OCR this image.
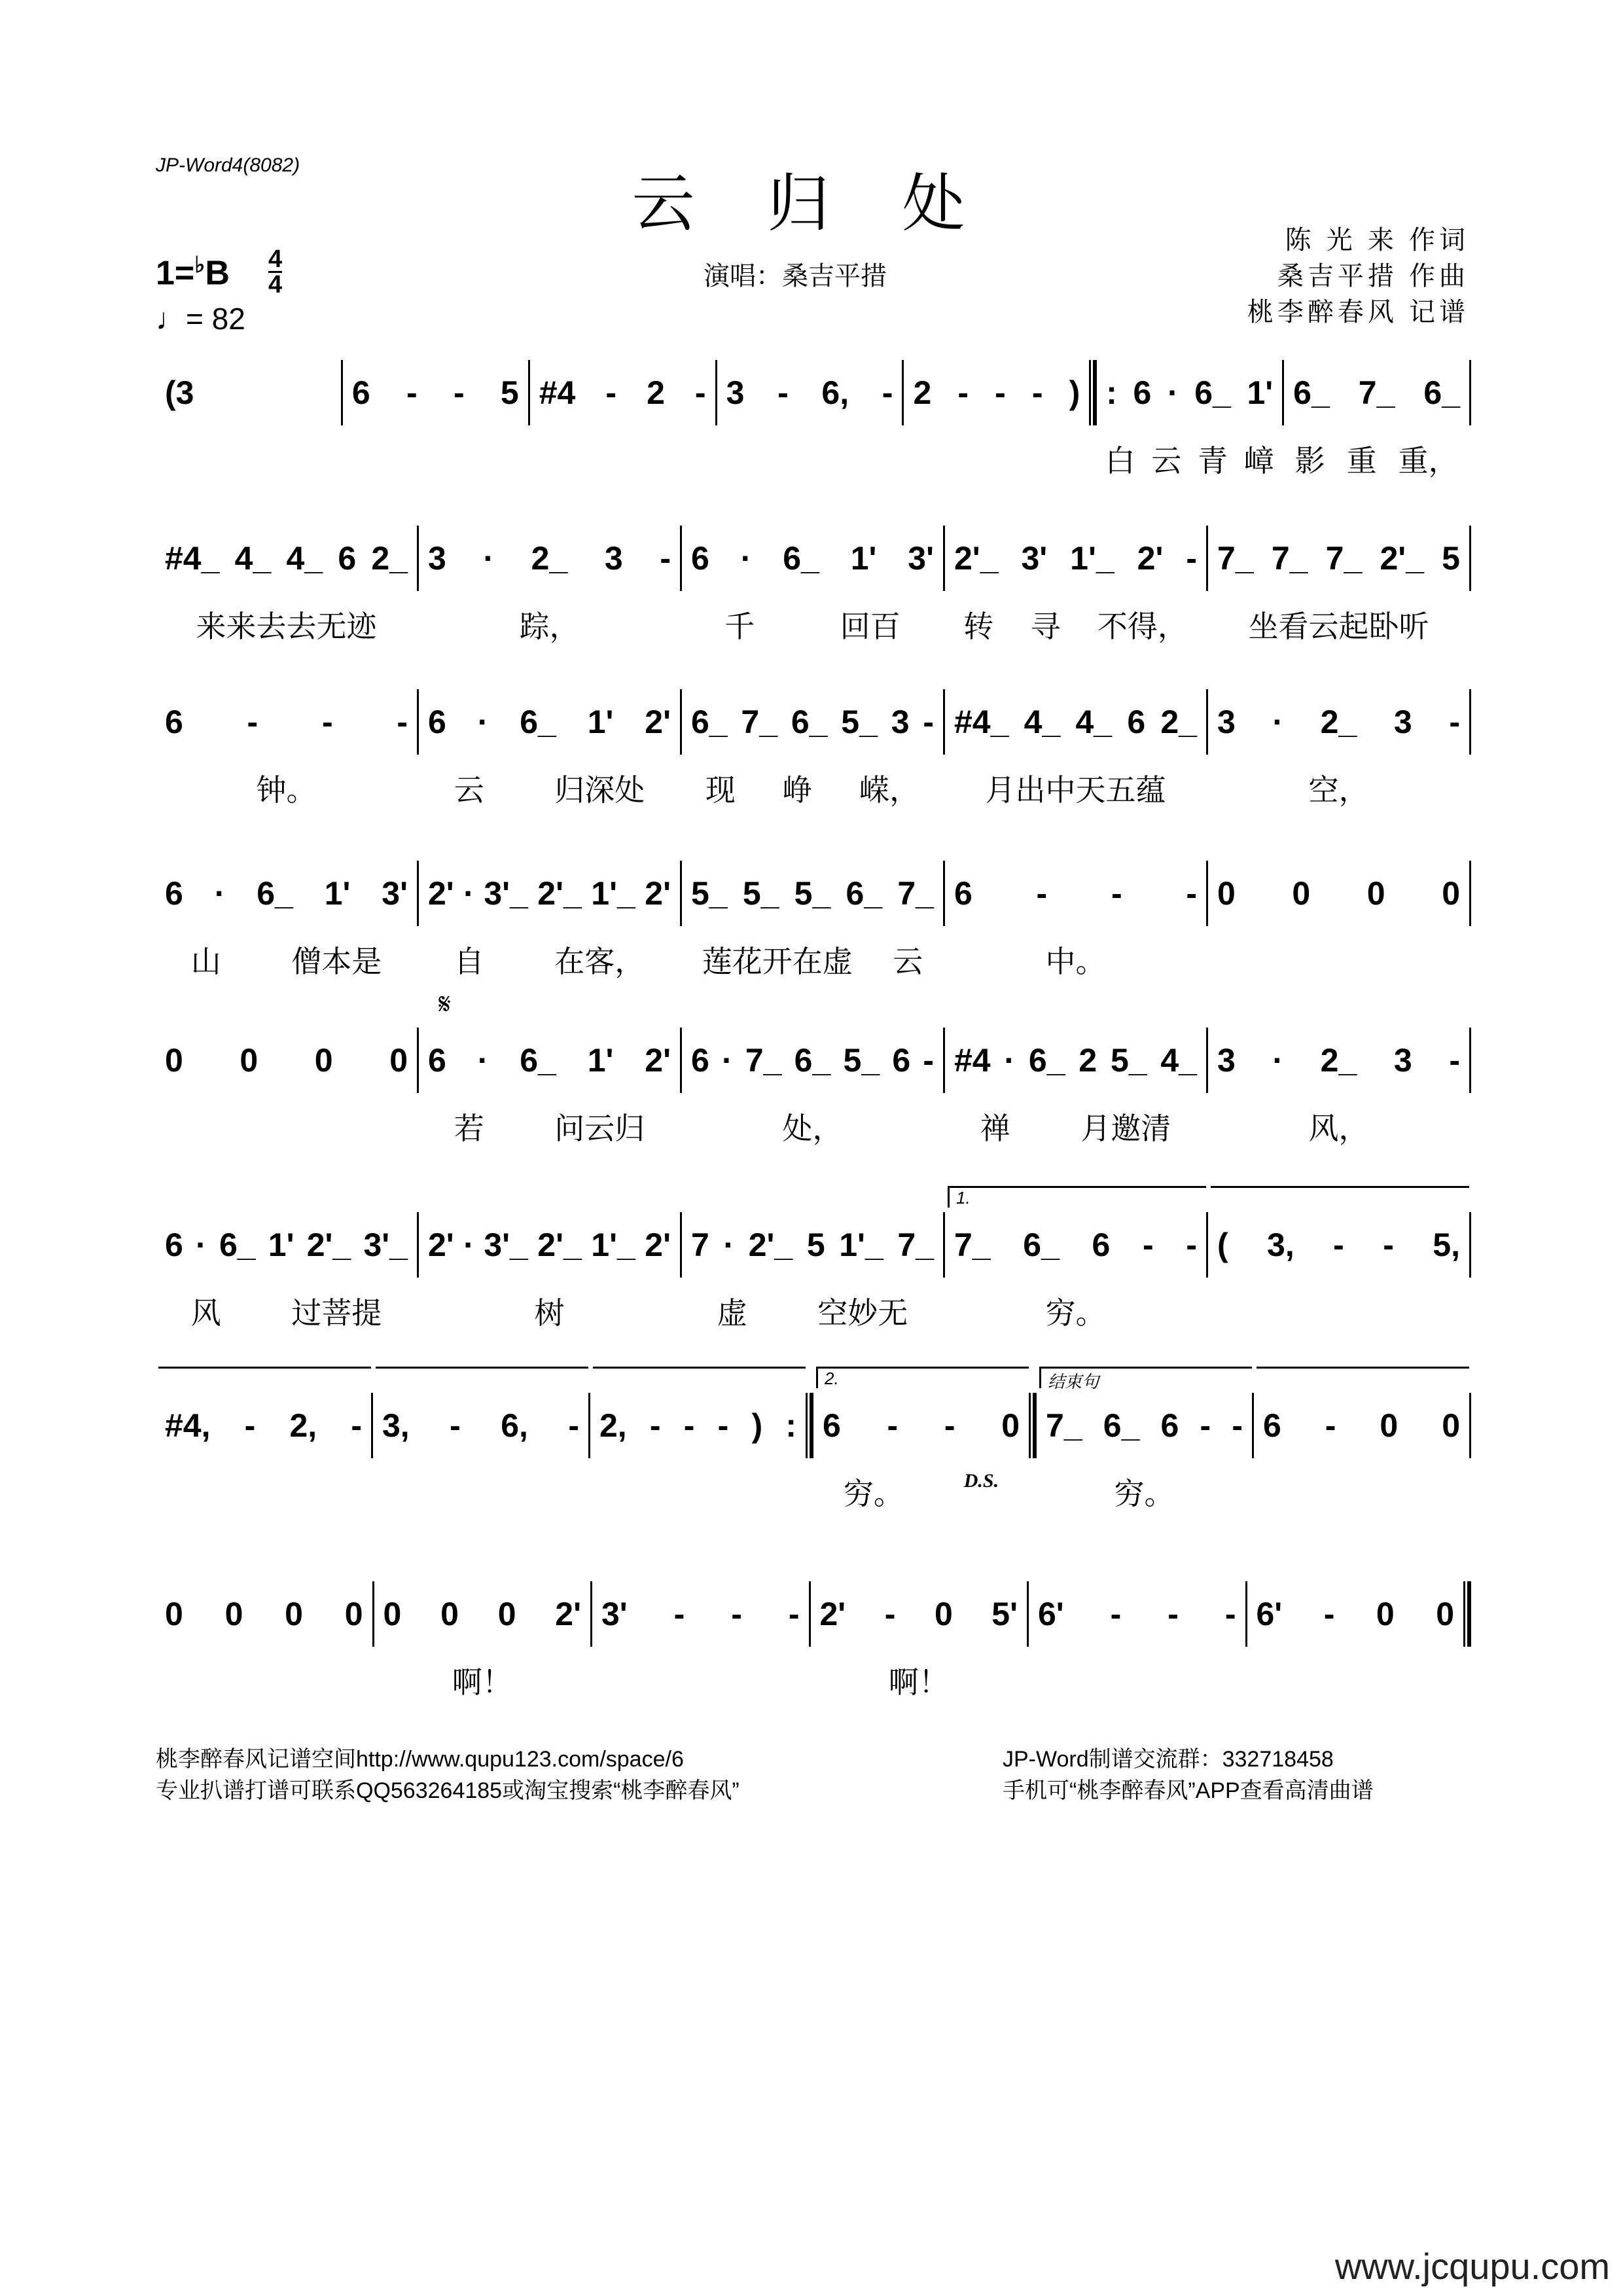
JP-Word4(8082)
云 归 处
演唱：桑吉平措
陈 光 来 作词
桑吉平措 作曲
桃李醉春风 记谱
1=♭B 4
4
♩= 82
(3	6 - - 5 #4 - 2 - 3 - 6, - 2 - - - ) : 6 · 6_ 1'
白 云 青 嶂
6_ 7_ 6_
影 重 重，
#4_ 4_ 4_ 6 2_
来来去去无迹
3 · 2_ 3 -
踪，
6 · 6_ 1' 3'
千	回百
2'_ 3' 1'_ 2' -
转 寻 不得，
7_ 7_ 7_ 2'_ 5
坐看云起卧听
6 - - -
钟。
6 · 6_ 1' 2'
云 归深处
6_ 7_ 6_ 5_ 3 -
现 峥 嵘，
#4_ 4_ 4_ 6 2_
月出中天五蕴
3 · 2_ 3 -
空，
6 · 6_ 1' 3'
山 僧本是
2' · 3'_ 2'_ 1'_ 2'
自 在客，
5_ 5_ 5_ 6_ 7_
莲花开在虚 云
6 - - -
中。
0 0 0 0
0 0 0 0 6 · 6_ 1' 2'
若 问云归
𝄋
6 · 7_ 6_ 5_ 6 -
处，
#4 · 6_ 2 5_ 4_
禅 月邀清
3 · 2_ 3 -
风，
6 · 6_ 1' 2'_ 3'_
风 过菩提
2' · 3'_ 2'_ 1'_ 2'
树
7 · 2'_ 5 1'_ 7_
虚 空妙无
7_ 6_ 6 - -
穷。
1.
( 3, - - 5,
#4, - 2, - 3, - 6, - 2, - - - ) : 6 - - 0
穷。	D.S.
2.
7_ 6_ 6 - -
穷。
结束句
6 - 0 0
0 0 0 0 0 0 0 2'
啊！
3' - - - 2' - 0 5'
啊！
6' - - - 6' - 0 0
桃李醉春风记谱空间http://www.qupu123.com/space/6
专业扒谱打谱可联系QQ563264185或淘宝搜索“桃李醉春风”
JP-Word制谱交流群：332718458
手机可“桃李醉春风”APP查看高清曲谱
www.jcqupu.com
